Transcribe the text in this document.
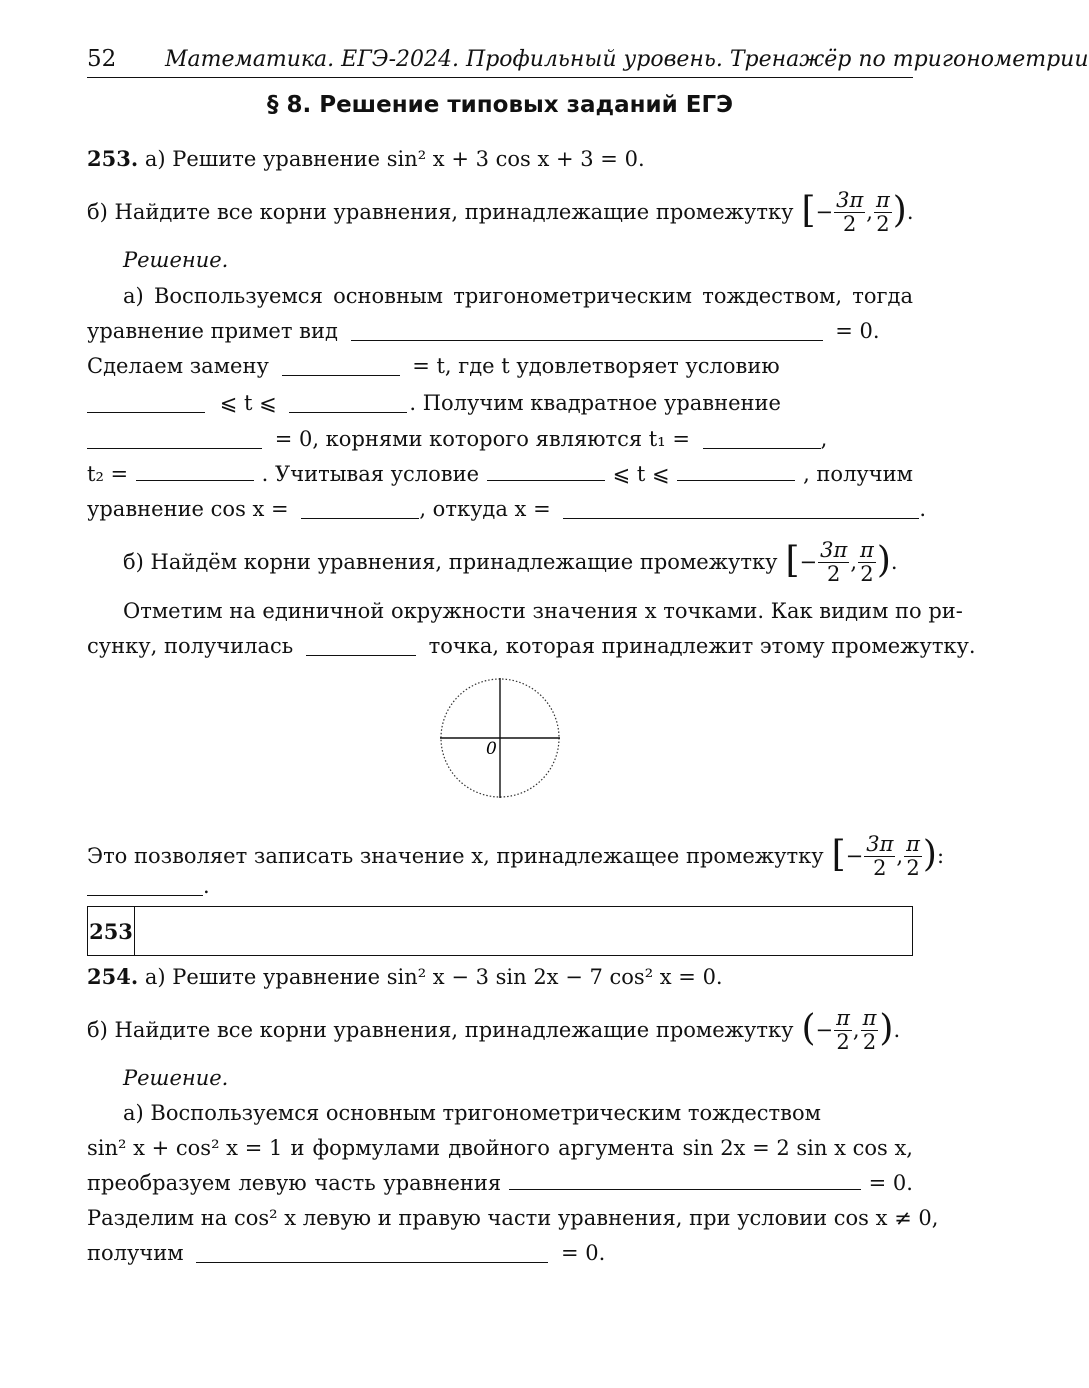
52 Математика. ЕГЭ-2024. Профильный уровень. Тренажёр по тригонометрии
§ 8. Решение типовых заданий ЕГЭ
253. а) Решите уравнение sin² x + 3 cos x + 3 = 0.
б) Найдите все корни уравнения, принадлежащие промежутку [ − $\frac{3\pi}{2}$ , $\frac{\pi}{2}$ ) .
Решение.
а) Воспользуемся основным тригонометрическим тождеством, тогда
уравнение примет вид	= 0.
Сделаем замену	= t, где t удовлетворяет условию
⩽ t ⩽	. Получим квадратное уравнение
= 0, корнями которого являются t₁ =	,
t₂ =	. Учитывая условие	⩽ t ⩽	, получим
уравнение cos x =	, откуда x =	.
б) Найдём корни уравнения, принадлежащие промежутку [ − $\frac{3\pi}{2}$ , $\frac{\pi}{2}$ ) .
Отметим на единичной окружности значения x точками. Как видим по ри-
сунку, получилась	точка, которая принадлежит этому промежутку.
0
Это позволяет записать значение x, принадлежащее промежутку [ − $\frac{3\pi}{2}$ , $\frac{\pi}{2}$ ) :
.
253
254. а) Решите уравнение sin² x − 3 sin 2x − 7 cos² x = 0.
б) Найдите все корни уравнения, принадлежащие промежутку ( − $\frac{\pi}{2}$ , $\frac{\pi}{2}$ ) .
Решение.
а) Воспользуемся основным тригонометрическим тождеством
sin² x + cos² x = 1 и формулами двойного аргумента sin 2x = 2 sin x cos x,
преобразуем левую часть уравнения	= 0.
Разделим на cos² x левую и правую части уравнения, при условии cos x ≠ 0,
получим	= 0.
